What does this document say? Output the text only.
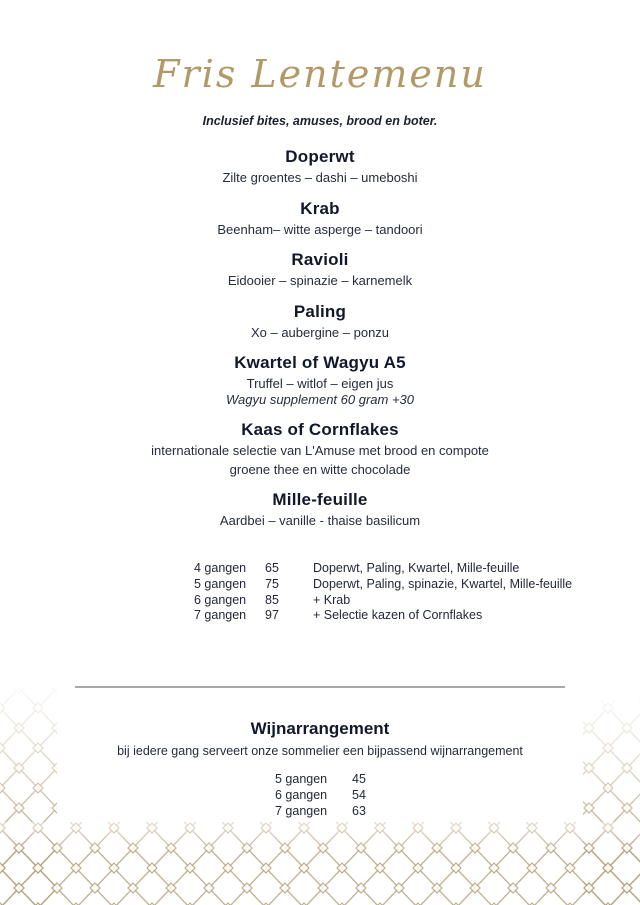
Fris Lentemenu
Inclusief bites, amuses, brood en boter.
Doperwt
Zilte groentes – dashi – umeboshi
Krab
Beenham– witte asperge – tandoori
Ravioli
Eidooier – spinazie – karnemelk
Paling
Xo – aubergine – ponzu
Kwartel of Wagyu A5
Truffel – witlof – eigen jus
Wagyu supplement 60 gram +30
Kaas of Cornflakes
internationale selectie van L'Amuse met brood en compote
groene thee en witte chocolade
Mille-feuille
Aardbei – vanille - thaise basilicum
4 gangen	65	Doperwt, Paling, Kwartel, Mille-feuille
5 gangen	75	Doperwt, Paling, spinazie, Kwartel, Mille-feuille
6 gangen	85	+ Krab
7 gangen	97	+ Selectie kazen of Cornflakes
Wijnarrangement
bij iedere gang serveert onze sommelier een bijpassend wijnarrangement
5 gangen	45
6 gangen	54
7 gangen	63
